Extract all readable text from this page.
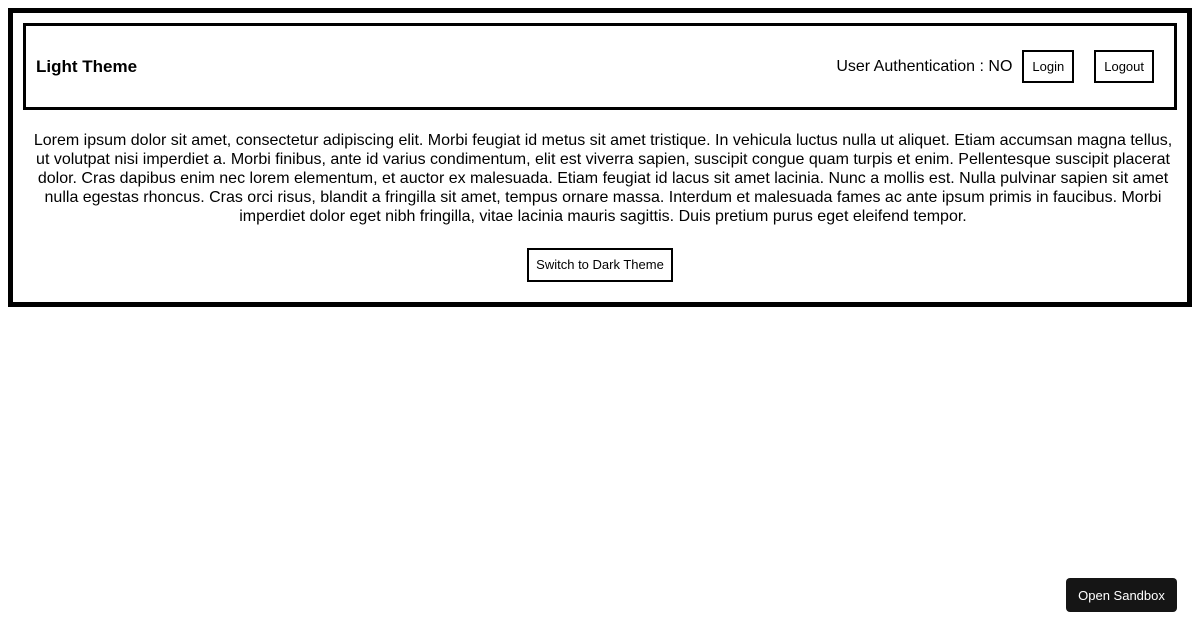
Light Theme	User Authentication : NO	Login	Logout

Lorem ipsum dolor sit amet, consectetur adipiscing elit. Morbi feugiat id metus sit amet tristique. In vehicula luctus nulla ut aliquet. Etiam accumsan magna tellus, ut volutpat nisi imperdiet a. Morbi finibus, ante id varius condimentum, elit est viverra sapien, suscipit congue quam turpis et enim. Pellentesque suscipit placerat dolor. Cras dapibus enim nec lorem elementum, et auctor ex malesuada. Etiam feugiat id lacus sit amet lacinia. Nunc a mollis est. Nulla pulvinar sapien sit amet nulla egestas rhoncus. Cras orci risus, blandit a fringilla sit amet, tempus ornare massa. Interdum et malesuada fames ac ante ipsum primis in faucibus. Morbi imperdiet dolor eget nibh fringilla, vitae lacinia mauris sagittis. Duis pretium purus eget eleifend tempor.

Switch to Dark Theme
Open Sandbox
